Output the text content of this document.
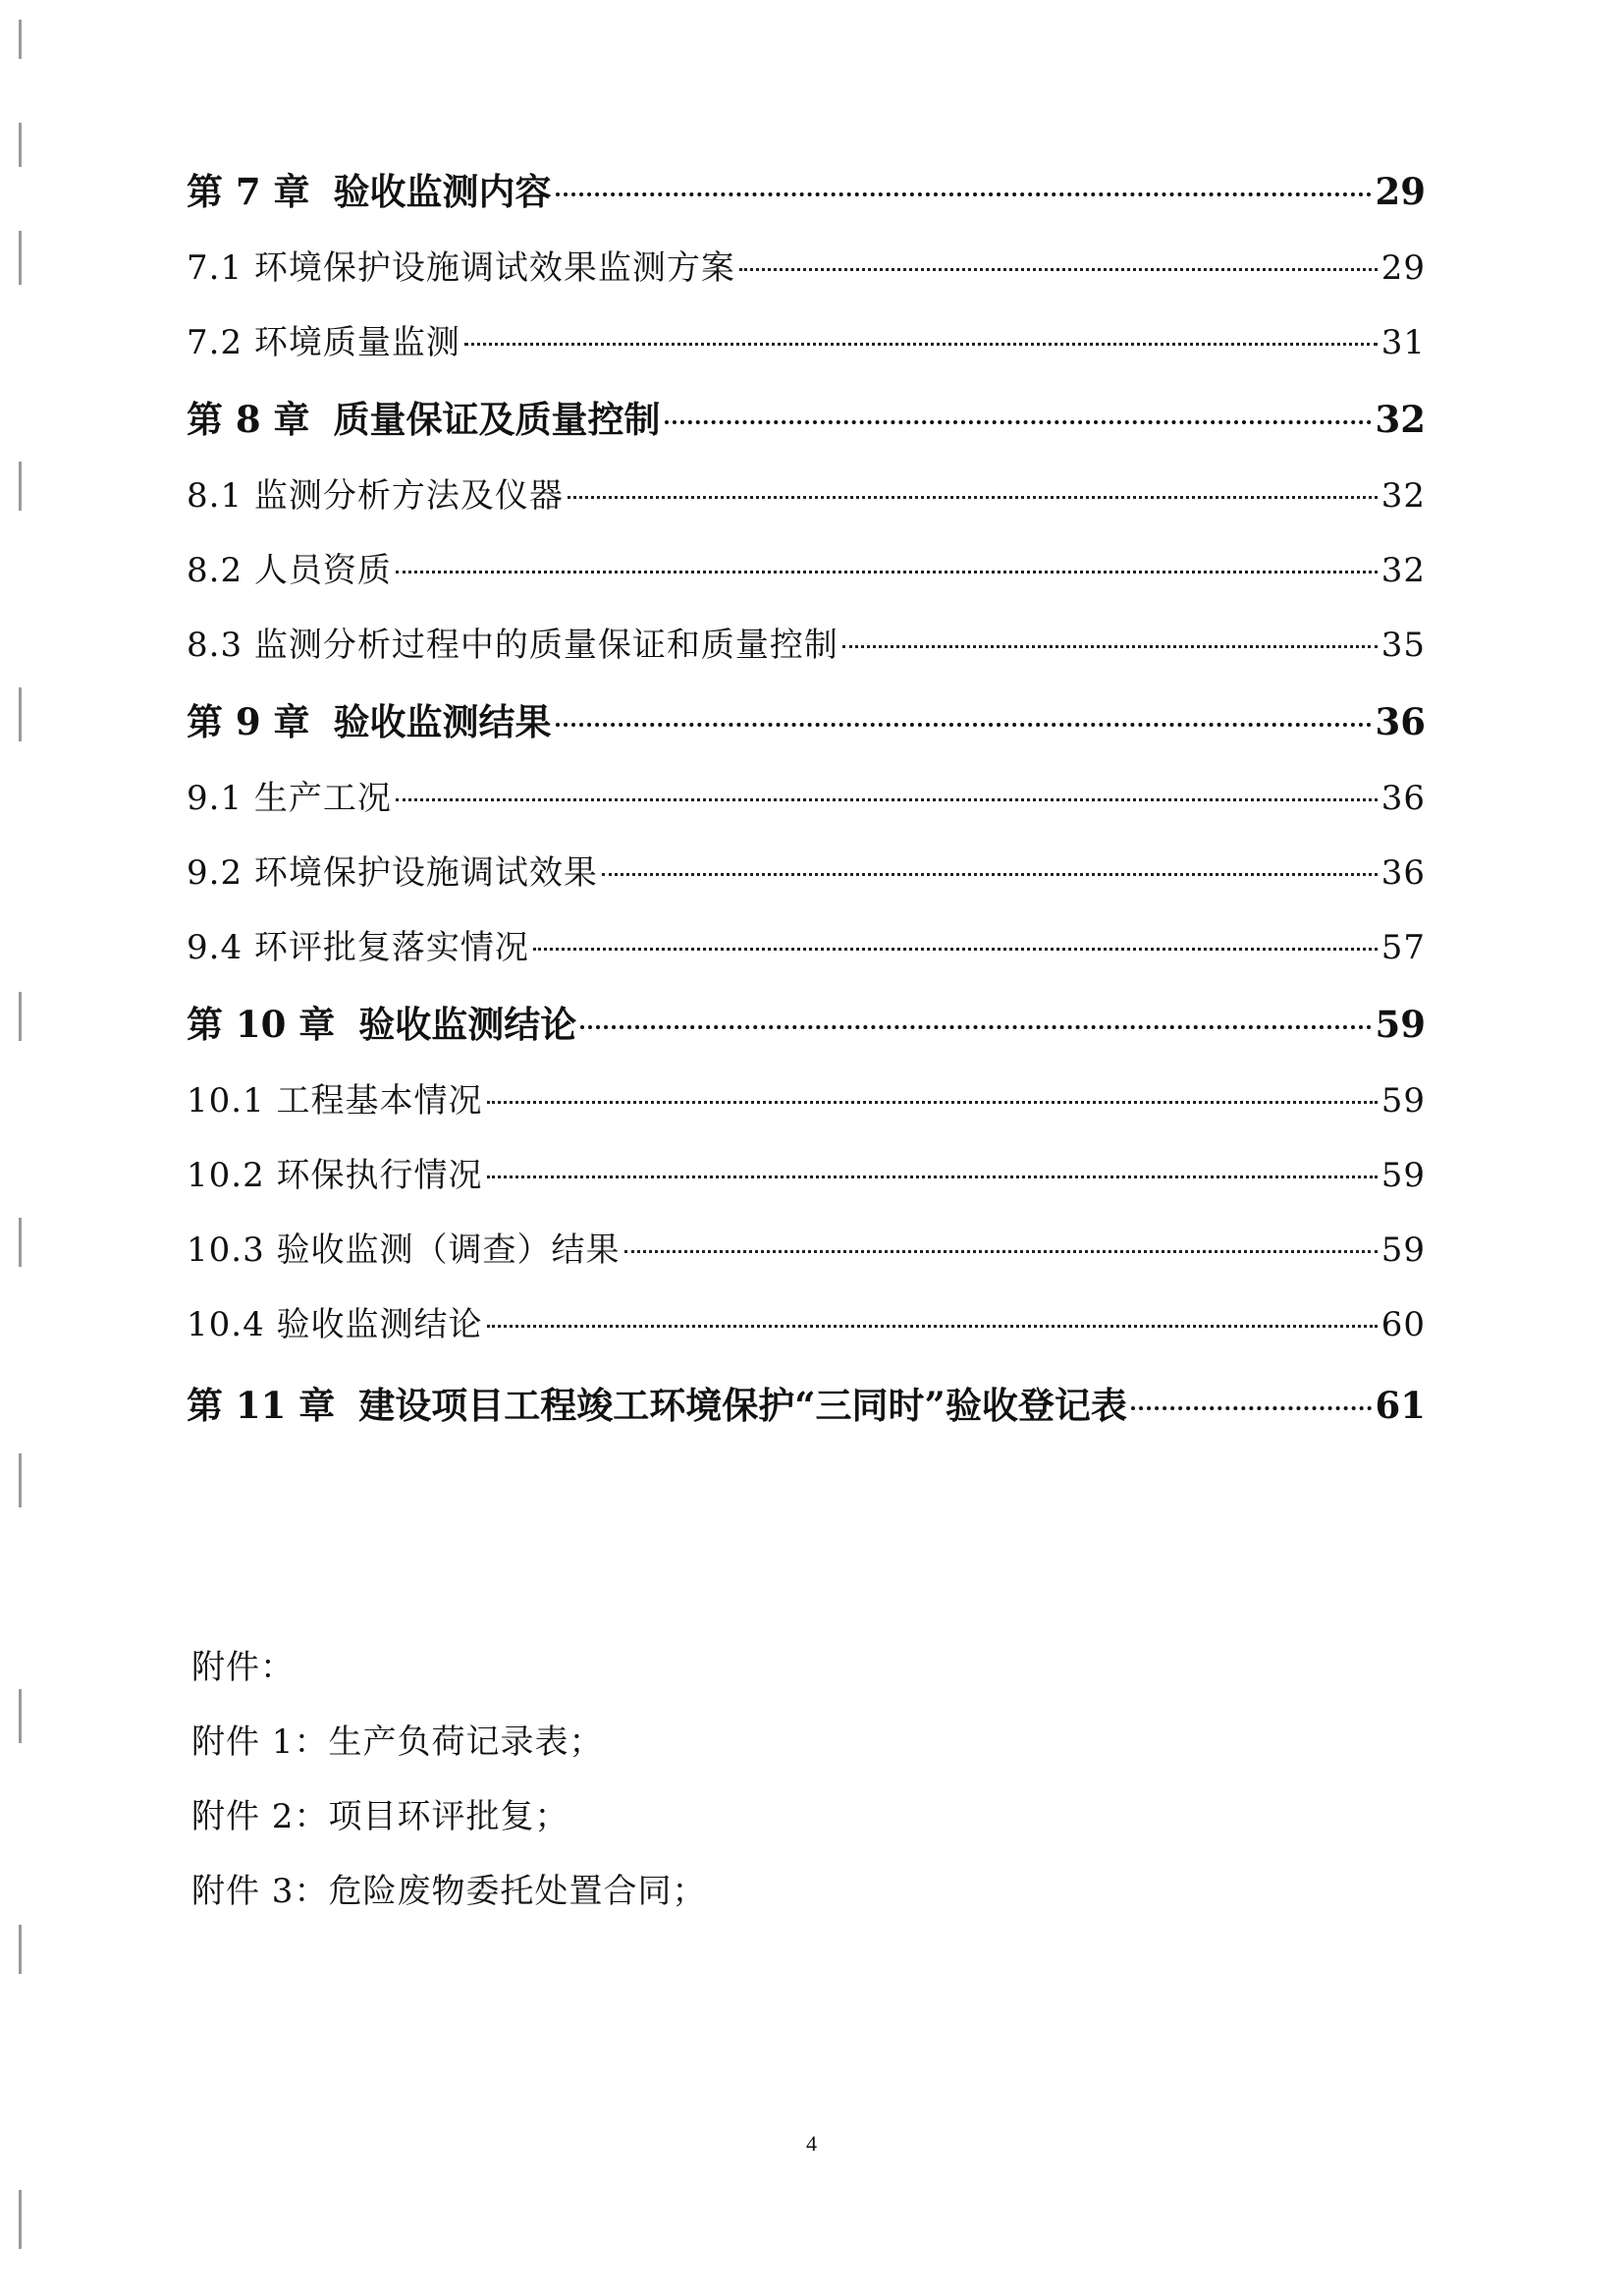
第 7 章 验收监测内容	29
7.1 环境保护设施调试效果监测方案	29
7.2 环境质量监测	31
第 8 章 质量保证及质量控制	32
8.1 监测分析方法及仪器	32
8.2 人员资质	32
8.3 监测分析过程中的质量保证和质量控制	35
第 9 章 验收监测结果	36
9.1 生产工况	36
9.2 环境保护设施调试效果	36
9.4 环评批复落实情况	57
第 10 章 验收监测结论	59
10.1 工程基本情况	59
10.2 环保执行情况	59
10.3 验收监测（调查）结果	59
10.4 验收监测结论	60
第 11 章 建设项目工程竣工环境保护“三同时”验收登记表	61
附件：
附件 1：生产负荷记录表；
附件 2：项目环评批复；
附件 3：危险废物委托处置合同；
4
